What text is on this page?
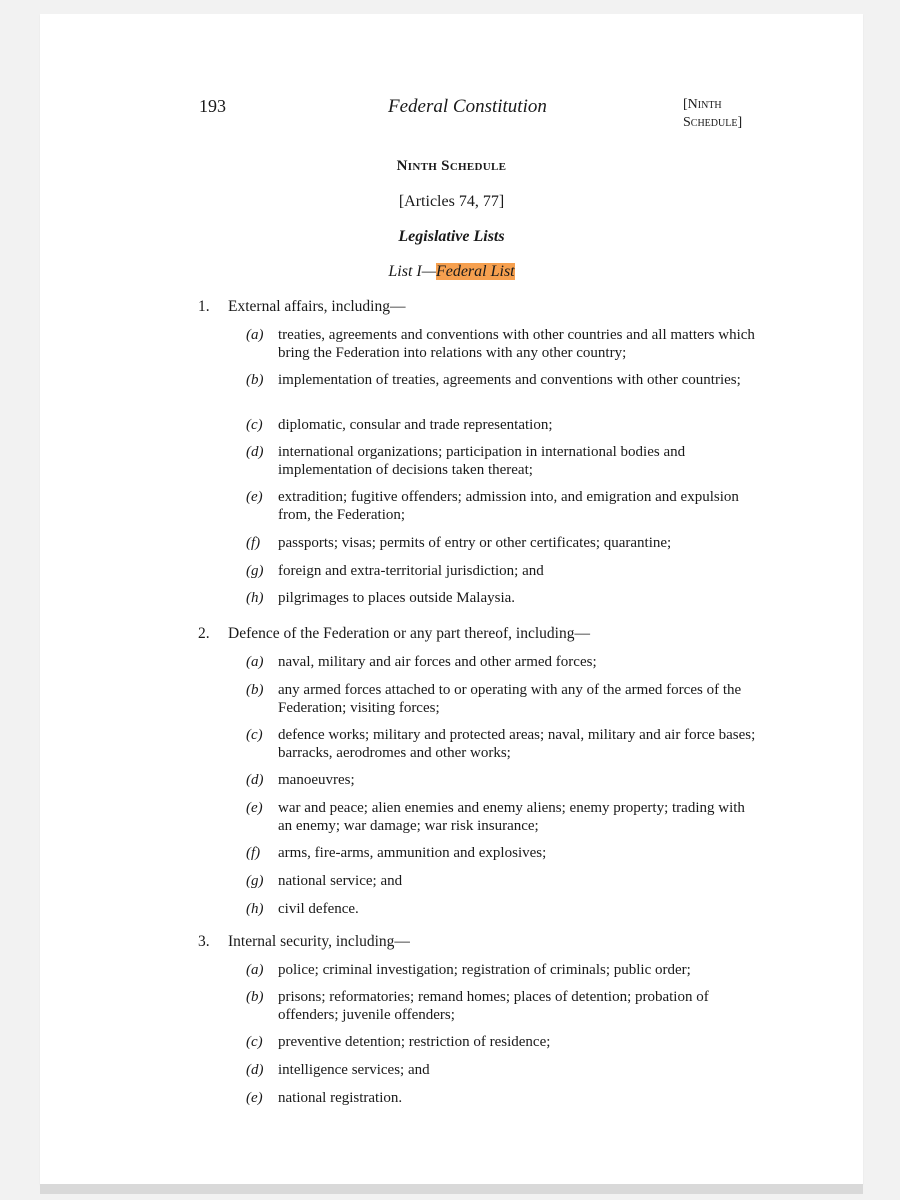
193	Federal Constitution	[Ninth
Schedule]
Ninth Schedule
[Articles 74, 77]
Legislative Lists
List I—Federal List
1. External affairs, including—
(a) treaties, agreements and conventions with other countries and all matters which bring the Federation into relations with any other country;
(b) implementation of treaties, agreements and conventions with other countries;
(c)	diplomatic, consular and trade representation;
(d) international organizations; participation in international bodies and implementation of decisions taken thereat;
(e)	extradition; fugitive offenders; admission into, and emigration and expulsion from, the Federation;
(f)	passports; visas; permits of entry or other certificates; quarantine;
(g) foreign and extra-territorial jurisdiction; and
(h) pilgrimages to places outside Malaysia.
2. Defence of the Federation or any part thereof, including—
(a) naval, military and air forces and other armed forces;
(b) any armed forces attached to or operating with any of the armed forces of the Federation; visiting forces;
(c)	defence works; military and protected areas; naval, military and air force bases; barracks, aerodromes and other works;
(d) manoeuvres;
(e)	war and peace; alien enemies and enemy aliens; enemy property; trading with an enemy; war damage; war risk insurance;
(f)	arms, fire-arms, ammunition and explosives;
(g) national service; and
(h) civil defence.
3. Internal security, including—
(a) police; criminal investigation; registration of criminals; public order;
(b) prisons; reformatories; remand homes; places of detention; probation of offenders; juvenile offenders;
(c)	preventive detention; restriction of residence;
(d) intelligence services; and
(e)	national registration.
